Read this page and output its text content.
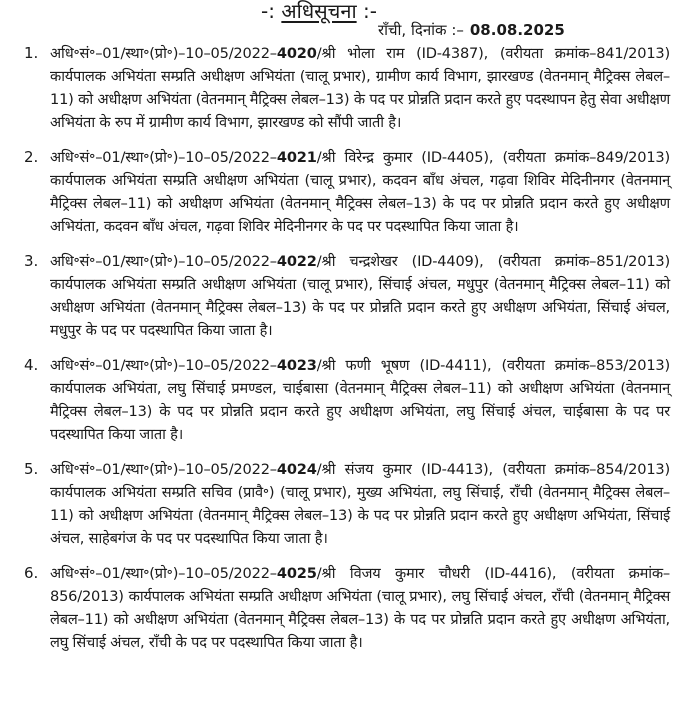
-: अधिसूचना :-
राँची, दिनांक :– 08.08.2025
1. अधि॰सं॰–01/स्था॰(प्रो॰)–10–05/2022–4020/श्री भोला राम (ID-4387), (वरीयता क्रमांक–841/2013) कार्यपालक अभियंता सम्प्रति अधीक्षण अभियंता (चालू प्रभार), ग्रामीण कार्य विभाग, झारखण्ड (वेतनमान् मैट्रिक्स लेबल–11) को अधीक्षण अभियंता (वेतनमान् मैट्रिक्स लेबल–13) के पद पर प्रोन्नति प्रदान करते हुए पदस्थापन हेतु सेवा अधीक्षण अभियंता के रुप में ग्रामीण कार्य विभाग, झारखण्ड को सौंपी जाती है।
2. अधि॰सं॰–01/स्था॰(प्रो॰)–10–05/2022–4021/श्री विरेन्द्र कुमार (ID-4405), (वरीयता क्रमांक–849/2013) कार्यपालक अभियंता सम्प्रति अधीक्षण अभियंता (चालू प्रभार), कदवन बाँध अंचल, गढ़वा शिविर मेदिनीनगर (वेतनमान् मैट्रिक्स लेबल–11) को अधीक्षण अभियंता (वेतनमान् मैट्रिक्स लेबल–13) के पद पर प्रोन्नति प्रदान करते हुए अधीक्षण अभियंता, कदवन बाँध अंचल, गढ़वा शिविर मेदिनीनगर के पद पर पदस्थापित किया जाता है।
3. अधि॰सं॰–01/स्था॰(प्रो॰)–10–05/2022–4022/श्री चन्द्रशेखर (ID-4409), (वरीयता क्रमांक–851/2013) कार्यपालक अभियंता सम्प्रति अधीक्षण अभियंता (चालू प्रभार), सिंचाई अंचल, मधुपुर (वेतनमान् मैट्रिक्स लेबल–11) को अधीक्षण अभियंता (वेतनमान् मैट्रिक्स लेबल–13) के पद पर प्रोन्नति प्रदान करते हुए अधीक्षण अभियंता, सिंचाई अंचल, मधुपुर के पद पर पदस्थापित किया जाता है।
4. अधि॰सं॰–01/स्था॰(प्रो॰)–10–05/2022–4023/श्री फणी भूषण (ID-4411), (वरीयता क्रमांक–853/2013) कार्यपालक अभियंता, लघु सिंचाई प्रमण्डल, चाईबासा (वेतनमान् मैट्रिक्स लेबल–11) को अधीक्षण अभियंता (वेतनमान् मैट्रिक्स लेबल–13) के पद पर प्रोन्नति प्रदान करते हुए अधीक्षण अभियंता, लघु सिंचाई अंचल, चाईबासा के पद पर पदस्थापित किया जाता है।
5. अधि॰सं॰–01/स्था॰(प्रो॰)–10–05/2022–4024/श्री संजय कुमार (ID-4413), (वरीयता क्रमांक–854/2013) कार्यपालक अभियंता सम्प्रति सचिव (प्रावै॰) (चालू प्रभार), मुख्य अभियंता, लघु सिंचाई, राँची (वेतनमान् मैट्रिक्स लेबल–11) को अधीक्षण अभियंता (वेतनमान् मैट्रिक्स लेबल–13) के पद पर प्रोन्नति प्रदान करते हुए अधीक्षण अभियंता, सिंचाई अंचल, साहेबगंज के पद पर पदस्थापित किया जाता है।
6. अधि॰सं॰–01/स्था॰(प्रो॰)–10–05/2022–4025/श्री विजय कुमार चौधरी (ID-4416), (वरीयता क्रमांक–856/2013) कार्यपालक अभियंता सम्प्रति अधीक्षण अभियंता (चालू प्रभार), लघु सिंचाई अंचल, राँची (वेतनमान् मैट्रिक्स लेबल–11) को अधीक्षण अभियंता (वेतनमान् मैट्रिक्स लेबल–13) के पद पर प्रोन्नति प्रदान करते हुए अधीक्षण अभियंता, लघु सिंचाई अंचल, राँची के पद पर पदस्थापित किया जाता है।
